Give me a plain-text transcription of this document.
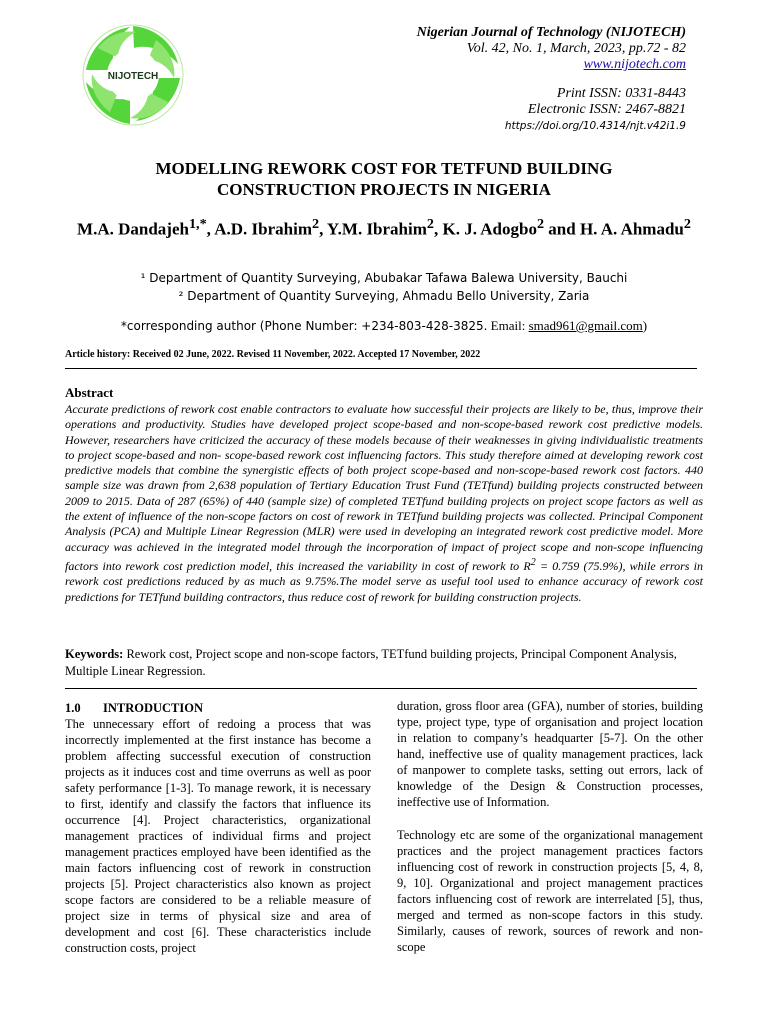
NIJOTECH
Nigerian Journal of Technology (NIJOTECH)
Vol. 42, No. 1, March, 2023, pp.72 - 82
www.nijotech.com
Print ISSN: 0331-8443
Electronic ISSN: 2467-8821
https://doi.org/10.4314/njt.v42i1.9
MODELLING REWORK COST FOR TETFUND BUILDING
CONSTRUCTION PROJECTS IN NIGERIA
M.A. Dandajeh$^{1,*}$, A.D. Ibrahim$^2$, Y.M. Ibrahim$^2$, K. J. Adogbo$^2$ and H. A. Ahmadu$^2$
¹ Department of Quantity Surveying, Abubakar Tafawa Balewa University, Bauchi
² Department of Quantity Surveying, Ahmadu Bello University, Zaria
*corresponding author (Phone Number: +234-803-428-3825. Email: smad961@gmail.com)
Article history: Received 02 June, 2022. Revised 11 November, 2022. Accepted 17 November, 2022
Abstract
Accurate predictions of rework cost enable contractors to evaluate how successful their projects are likely to be, thus, improve their operations and productivity. Studies have developed project scope-based and non-scope-based rework cost predictive models. However, researchers have criticized the accuracy of these models because of their weaknesses in giving individualistic treatments to project scope-based and non- scope-based rework cost influencing factors. This study therefore aimed at developing rework cost predictive models that combine the synergistic effects of both project scope-based and non-scope-based rework cost factors. 440 sample size was drawn from 2,638 population of Tertiary Education Trust Fund (TETfund) building projects constructed between 2009 to 2015. Data of 287 (65%) of 440 (sample size) of completed TETfund building projects on project scope factors as well as the extent of influence of the non-scope factors on cost of rework in TETfund building projects was collected. Principal Component Analysis (PCA) and Multiple Linear Regression (MLR) were used in developing an integrated rework cost predictive model. More accuracy was achieved in the integrated model through the incorporation of impact of project scope and non-scope influencing factors into rework cost prediction model, this increased the variability in cost of rework to $R^2 = 0.759$ (75.9%), while errors in rework cost predictions reduced by as much as 9.75%.The model serve as useful tool used to enhance accuracy of rework cost predictions for TETfund building contractors, thus reduce cost of rework for building construction projects.
Keywords: Rework cost, Project scope and non-scope factors, TETfund building projects, Principal Component Analysis, Multiple Linear Regression.
1.0 INTRODUCTION

The unnecessary effort of redoing a process that was incorrectly implemented at the first instance has become a problem affecting successful execution of construction projects as it induces cost and time overruns as well as poor safety performance [1-3]. To manage rework, it is necessary to first, identify and classify the factors that influence its occurrence [4]. Project characteristics, organizational management practices of individual firms and project management practices employed have been identified as the main factors influencing cost of rework in construction projects [5]. Project characteristics also known as project scope factors are considered to be a reliable measure of project size in terms of physical size and area of development and cost [6]. These characteristics include construction costs, project

duration, gross floor area (GFA), number of stories, building type, project type, type of organisation and project location in relation to company’s headquarter [5-7]. On the other hand, ineffective use of quality management practices, lack of manpower to complete tasks, setting out errors, lack of knowledge of the Design & Construction processes, ineffective use of Information.

Technology etc are some of the organizational management practices and the project management practices factors influencing cost of rework in construction projects [5, 4, 8, 9, 10]. Organizational and project management practices factors influencing cost of rework are interrelated [5], thus, merged and termed as non-scope factors in this study. Similarly, causes of rework, sources of rework and non-scope
